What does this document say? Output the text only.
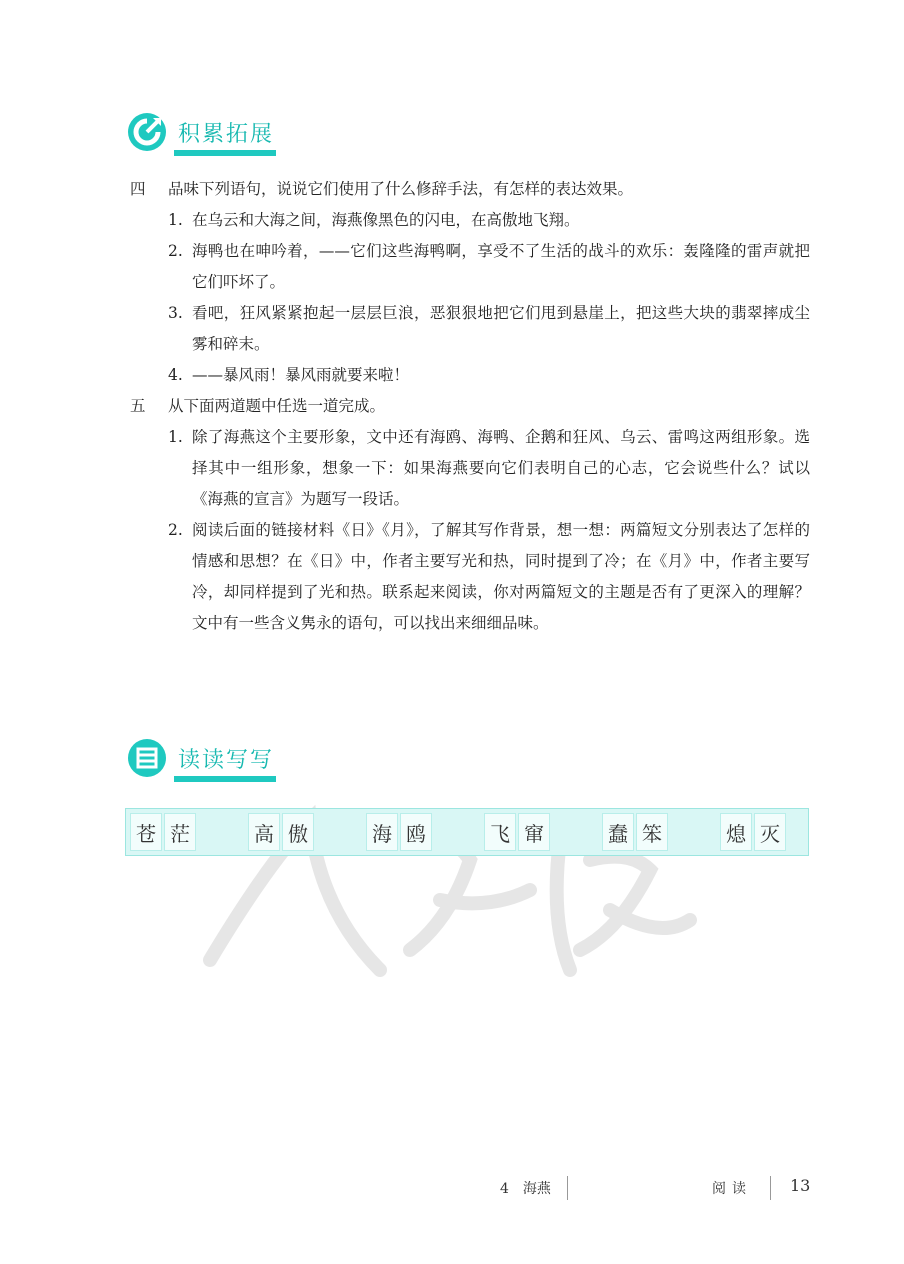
积累拓展
四	品味下列语句，说说它们使用了什么修辞手法，有怎样的表达效果。
1. 在乌云和大海之间，海燕像黑色的闪电，在高傲地飞翔。
2. 海鸭也在呻吟着，——它们这些海鸭啊，享受不了生活的战斗的欢乐：轰隆隆的雷声就把它们吓坏了。
3. 看吧，狂风紧紧抱起一层层巨浪，恶狠狠地把它们甩到悬崖上，把这些大块的翡翠摔成尘雾和碎末。
4. ——暴风雨！暴风雨就要来啦！
五	从下面两道题中任选一道完成。
1. 除了海燕这个主要形象，文中还有海鸥、海鸭、企鹅和狂风、乌云、雷鸣这两组形象。选择其中一组形象，想象一下：如果海燕要向它们表明自己的心志，它会说些什么？试以《海燕的宣言》为题写一段话。
2. 阅读后面的链接材料《日》《月》，了解其写作背景，想一想：两篇短文分别表达了怎样的情感和思想？在《日》中，作者主要写光和热，同时提到了冷；在《月》中，作者主要写冷，却同样提到了光和热。联系起来阅读，你对两篇短文的主题是否有了更深入的理解？文中有一些含义隽永的语句，可以找出来细细品味。
读读写写
苍 茫	高 傲	海 鸥	飞 窜	蠢 笨	熄 灭
4　海燕	阅读 13
